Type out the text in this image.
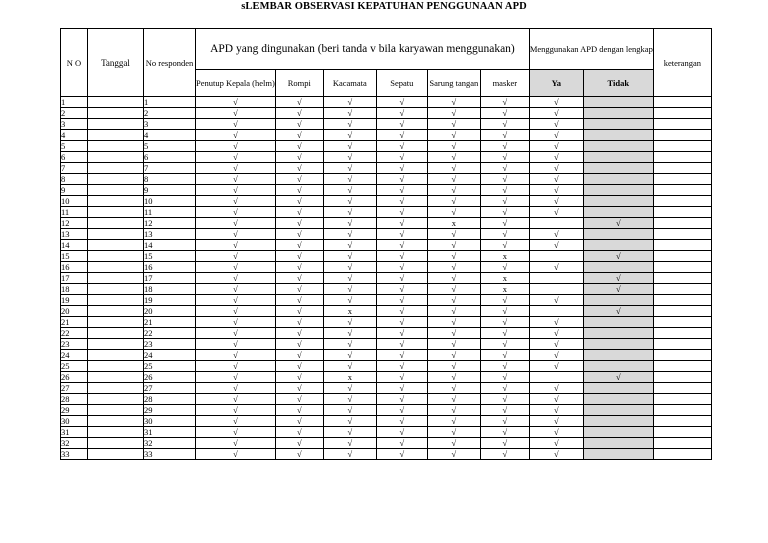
sLEMBAR OBSERVASI KEPATUHAN PENGGUNAAN APD
N O	Tanggal	No responden	APD yang dingunakan (beri tanda v bila karyawan menggunakan)						Menggunakan APD dengan lengkap		keterangan
			Penutup Kepala (helm)	Rompi	Kacamata	Sepatu	Sarung tangan	masker	Ya	Tidak	
1		1	√	√	√	√	√	√	√		
2		2	√	√	√	√	√	√	√		
3		3	√	√	√	√	√	√	√		
4		4	√	√	√	√	√	√	√		
5		5	√	√	√	√	√	√	√		
6		6	√	√	√	√	√	√	√		
7		7	√	√	√	√	√	√	√		
8		8	√	√	√	√	√	√	√		
9		9	√	√	√	√	√	√	√		
10		10	√	√	√	√	√	√	√		
11		11	√	√	√	√	√	√	√		
12		12	√	√	√	√	x	√		√	
13		13	√	√	√	√	√	√	√		
14		14	√	√	√	√	√	√	√		
15		15	√	√	√	√	√	x		√	
16		16	√	√	√	√	√	√	√		
17		17	√	√	√	√	√	x		√	
18		18	√	√	√	√	√	x		√	
19		19	√	√	√	√	√	√	√		
20		20	√	√	x	√	√	√		√	
21		21	√	√	√	√	√	√	√		
22		22	√	√	√	√	√	√	√		
23		23	√	√	√	√	√	√	√		
24		24	√	√	√	√	√	√	√		
25		25	√	√	√	√	√	√	√		
26		26	√	√	x	√	√	√		√	
27		27	√	√	√	√	√	√	√		
28		28	√	√	√	√	√	√	√		
29		29	√	√	√	√	√	√	√		
30		30	√	√	√	√	√	√	√		
31		31	√	√	√	√	√	√	√		
32		32	√	√	√	√	√	√	√		
33		33	√	√	√	√	√	√	√		
